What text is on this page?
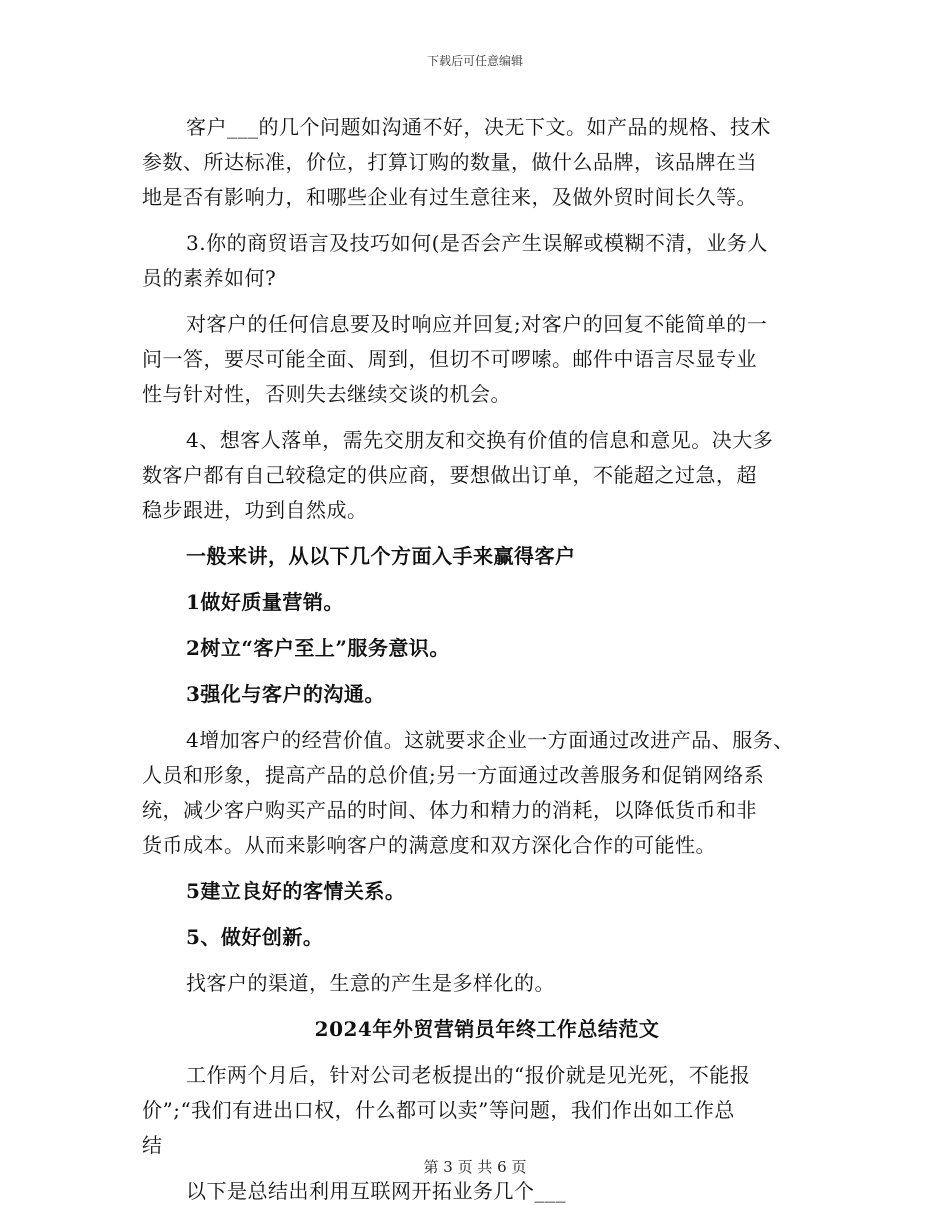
下载后可任意编辑
客户___的几个问题如沟通不好，决无下文。如产品的规格、技术
参数、所达标准，价位，打算订购的数量，做什么品牌，该品牌在当
地是否有影响力，和哪些企业有过生意往来，及做外贸时间长久等。
3.你的商贸语言及技巧如何(是否会产生误解或模糊不清，业务人
员的素养如何?
对客户的任何信息要及时响应并回复;对客户的回复不能简单的一
问一答，要尽可能全面、周到，但切不可啰嗦。邮件中语言尽显专业
性与针对性，否则失去继续交谈的机会。
4、想客人落单，需先交朋友和交换有价值的信息和意见。决大多
数客户都有自己较稳定的供应商，要想做出订单，不能超之过急，超
稳步跟进，功到自然成。
一般来讲，从以下几个方面入手来赢得客户
1做好质量营销。
2树立“客户至上”服务意识。
3强化与客户的沟通。
4增加客户的经营价值。这就要求企业一方面通过改进产品、服务、
人员和形象，提高产品的总价值;另一方面通过改善服务和促销网络系
统，减少客户购买产品的时间、体力和精力的消耗，以降低货币和非
货币成本。从而来影响客户的满意度和双方深化合作的可能性。
5建立良好的客情关系。
5、做好创新。
找客户的渠道，生意的产生是多样化的。
2024年外贸营销员年终工作总结范文
工作两个月后，针对公司老板提出的“报价就是见光死，不能报
价”;“我们有进出口权，什么都可以卖”等问题，我们作出如工作总
结
以下是总结出利用互联网开拓业务几个___
第 3 页 共 6 页
